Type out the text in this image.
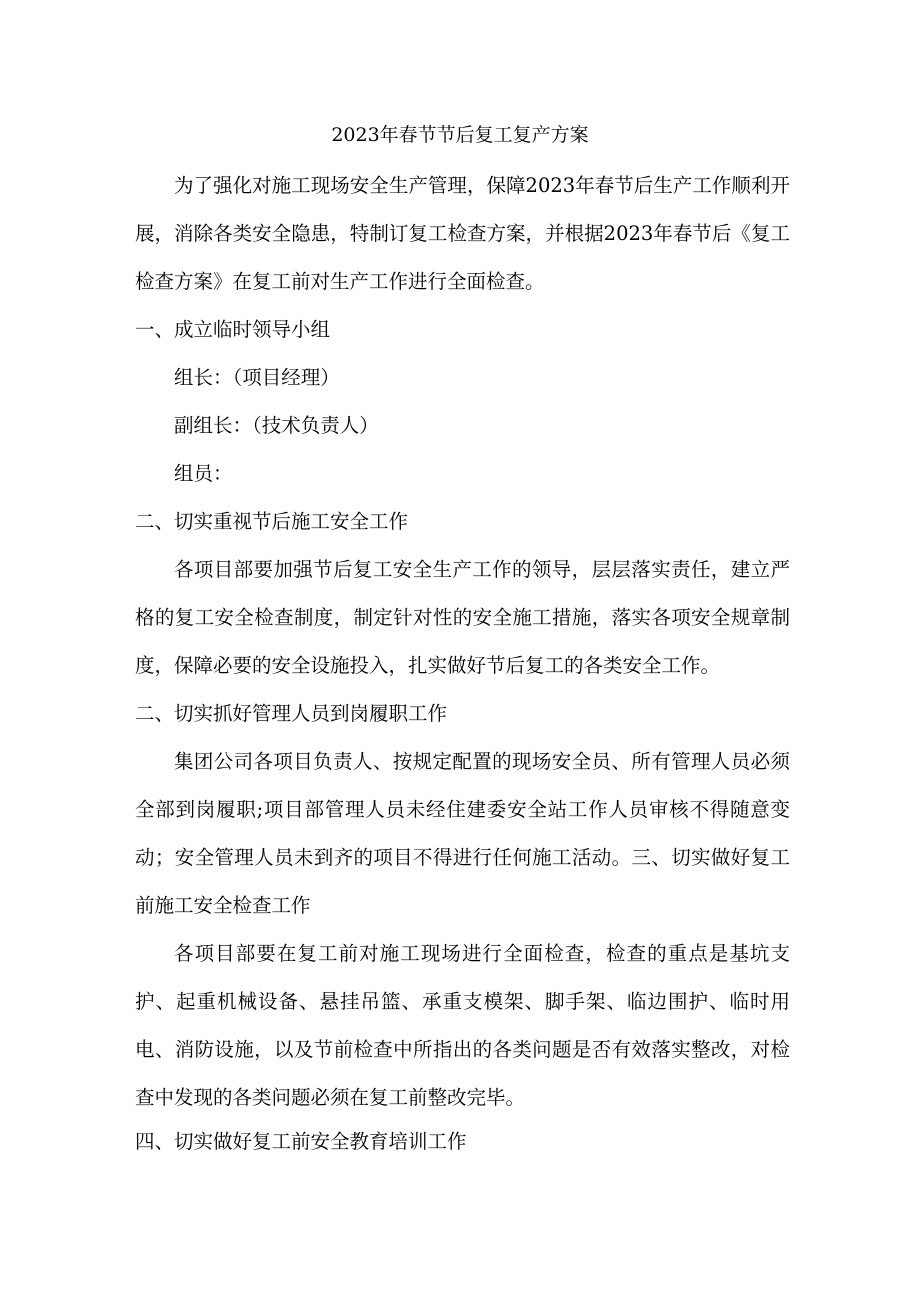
2023年春节节后复工复产方案

为了强化对施工现场安全生产管理，保障2023年春节后生产工作顺利开展，消除各类安全隐患，特制订复工检查方案，并根据2023年春节后《复工检查方案》在复工前对生产工作进行全面检查。

一、成立临时领导小组

组长：（项目经理）

副组长：（技术负责人）

组员：

二、切实重视节后施工安全工作

各项目部要加强节后复工安全生产工作的领导，层层落实责任，建立严格的复工安全检查制度，制定针对性的安全施工措施，落实各项安全规章制度，保障必要的安全设施投入，扎实做好节后复工的各类安全工作。

二、切实抓好管理人员到岗履职工作

集团公司各项目负责人、按规定配置的现场安全员、所有管理人员必须全部到岗履职;项目部管理人员未经住建委安全站工作人员审核不得随意变动；安全管理人员未到齐的项目不得进行任何施工活动。三、切实做好复工前施工安全检查工作

各项目部要在复工前对施工现场进行全面检查，检查的重点是基坑支护、起重机械设备、悬挂吊篮、承重支模架、脚手架、临边围护、临时用电、消防设施，以及节前检查中所指出的各类问题是否有效落实整改，对检查中发现的各类问题必须在复工前整改完毕。

四、切实做好复工前安全教育培训工作
